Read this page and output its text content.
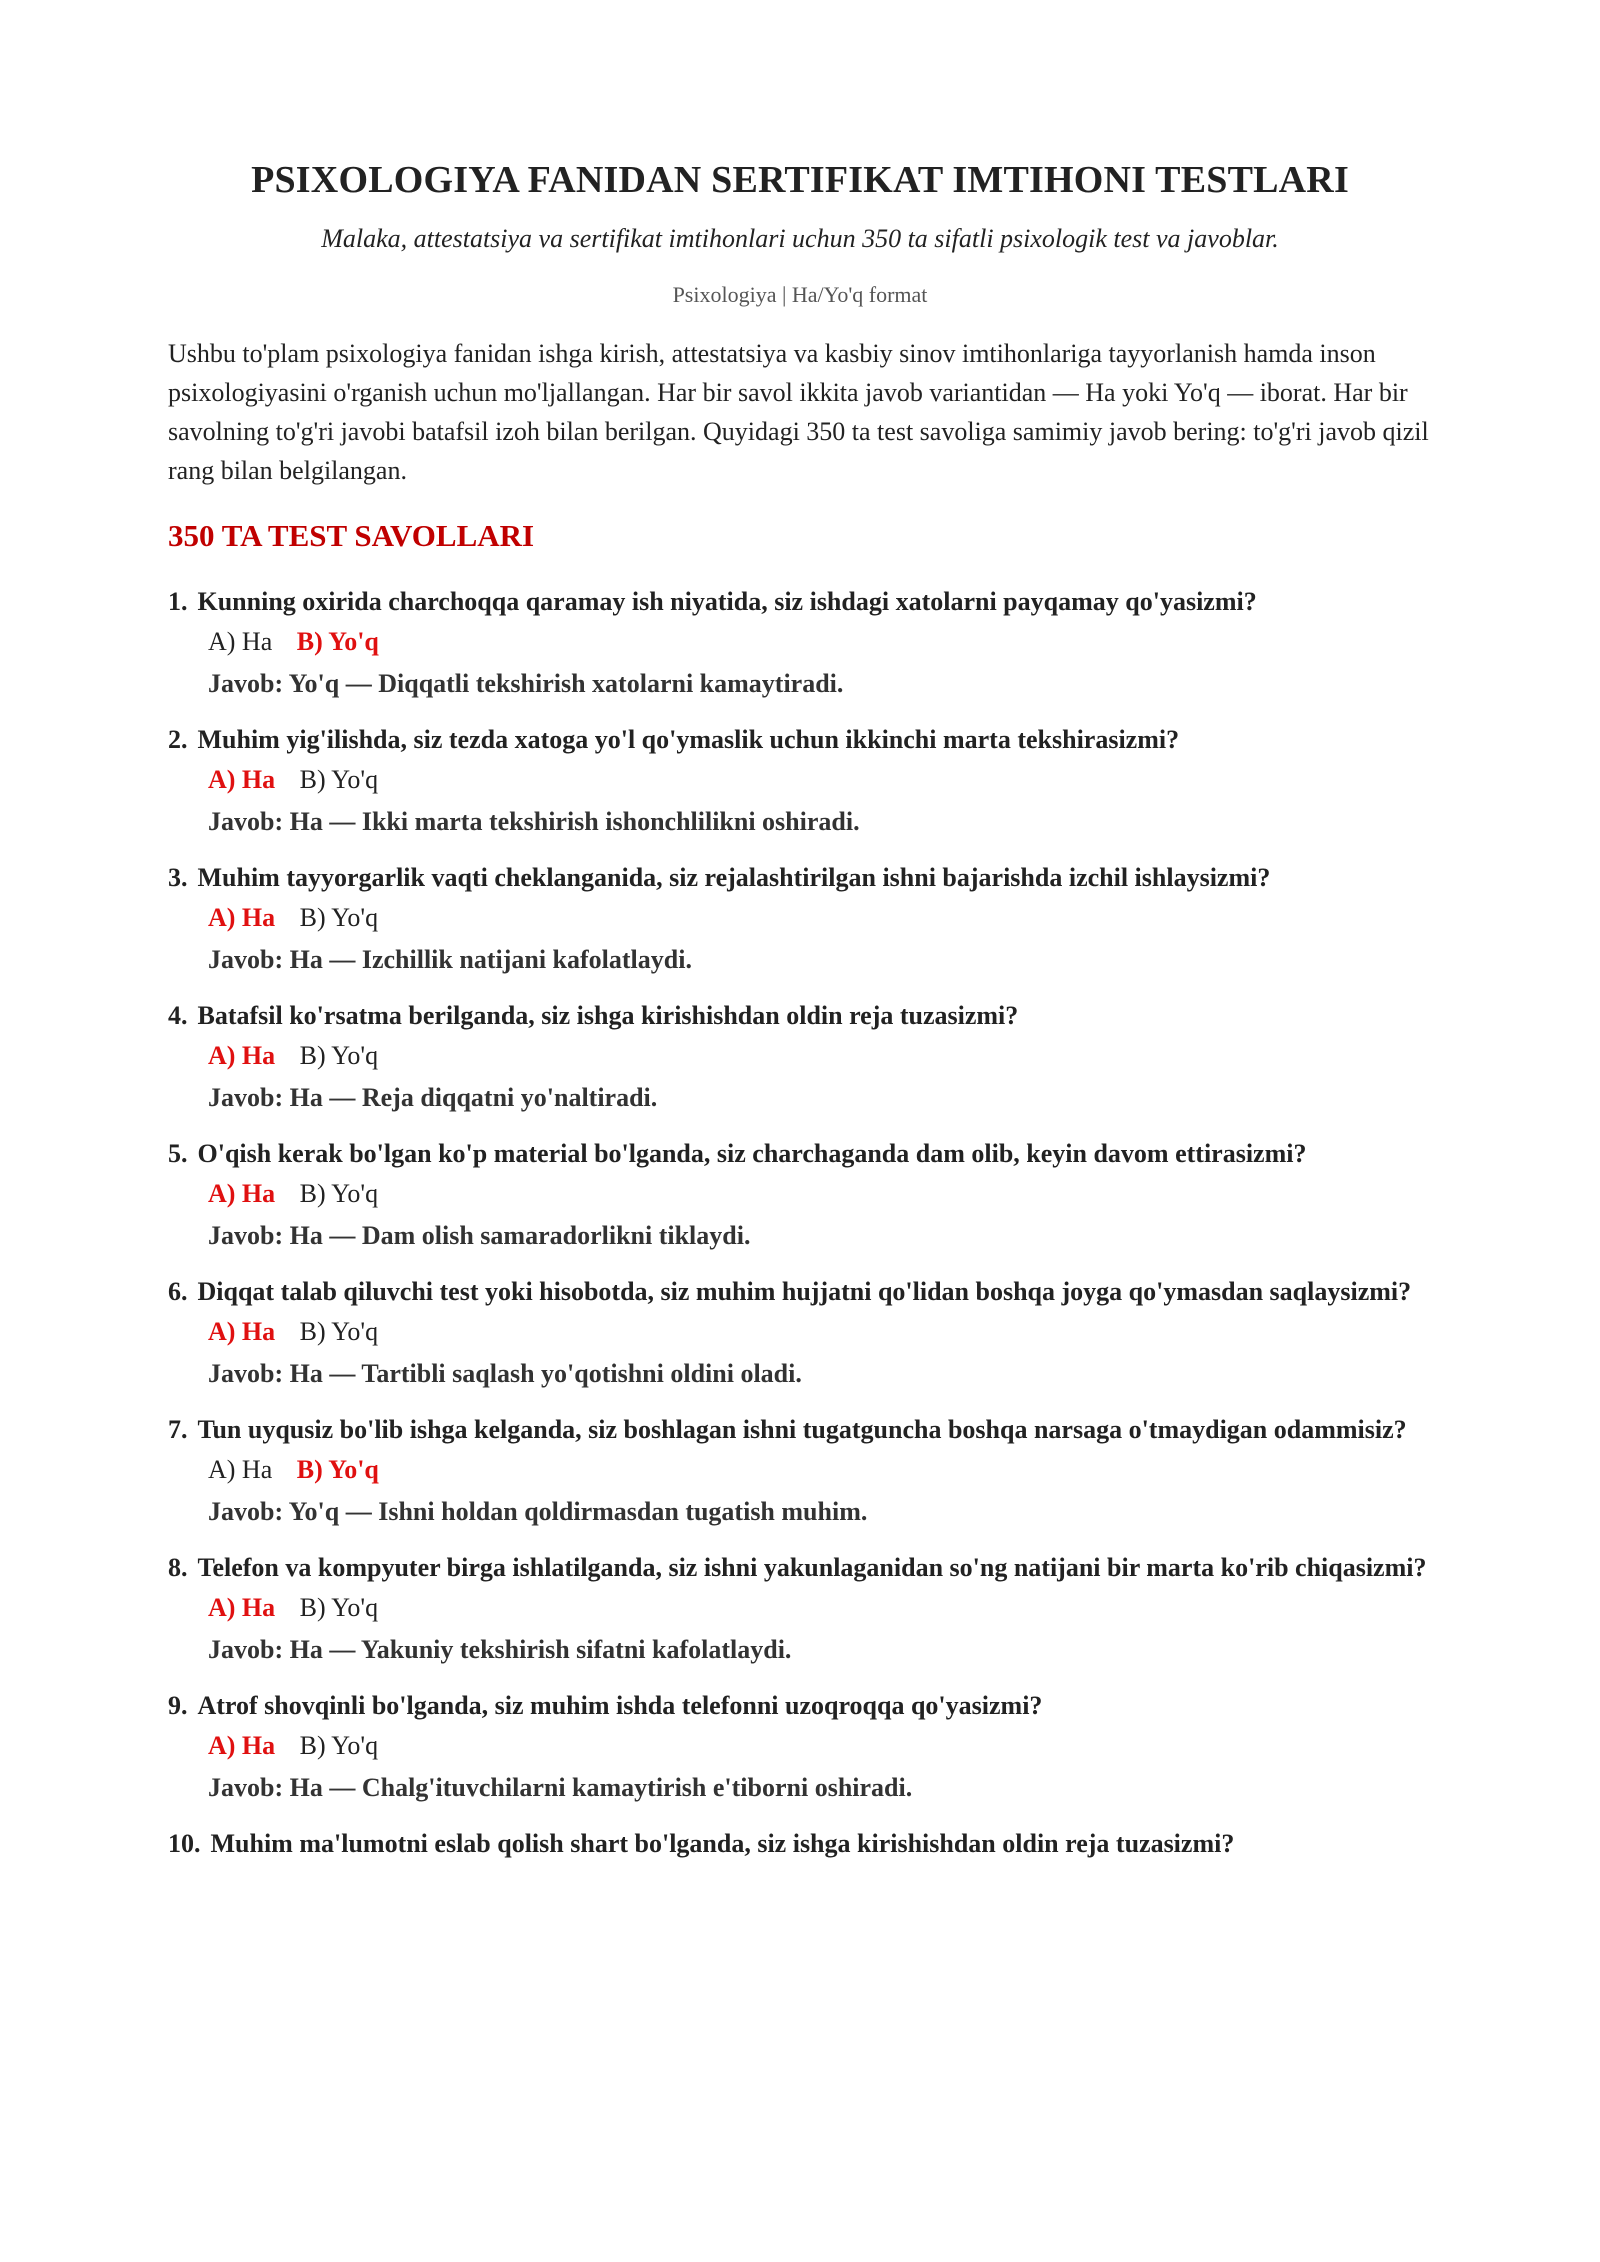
PSIXOLOGIYA FANIDAN SERTIFIKAT IMTIHONI TESTLARI

Malaka, attestatsiya va sertifikat imtihonlari uchun 350 ta sifatli psixologik test va javoblar.

Psixologiya | Ha/Yo'q format

Ushbu to'plam psixologiya fanidan ishga kirish, attestatsiya va kasbiy sinov imtihonlariga tayyorlanish hamda inson psixologiyasini o'rganish uchun mo'ljallangan. Har bir savol ikkita javob variantidan — Ha yoki Yo'q — iborat. Har bir savolning to'g'ri javobi batafsil izoh bilan berilgan. Quyidagi 350 ta test savoliga samimiy javob bering: to'g'ri javob qizil rang bilan belgilangan.

350 TA TEST SAVOLLARI
1. Kunning oxirida charchoqqa qaramay ish niyatida, siz ishdagi xatolarni payqamay qo'yasizmi?
A) Ha B) Yo'q
Javob: Yo'q — Diqqatli tekshirish xatolarni kamaytiradi.
2. Muhim yig'ilishda, siz tezda xatoga yo'l qo'ymaslik uchun ikkinchi marta tekshirasizmi?
A) Ha B) Yo'q
Javob: Ha — Ikki marta tekshirish ishonchlilikni oshiradi.
3. Muhim tayyorgarlik vaqti cheklanganida, siz rejalashtirilgan ishni bajarishda izchil ishlaysizmi?
A) Ha B) Yo'q
Javob: Ha — Izchillik natijani kafolatlaydi.
4. Batafsil ko'rsatma berilganda, siz ishga kirishishdan oldin reja tuzasizmi?
A) Ha B) Yo'q
Javob: Ha — Reja diqqatni yo'naltiradi.
5. O'qish kerak bo'lgan ko'p material bo'lganda, siz charchaganda dam olib, keyin davom ettirasizmi?
A) Ha B) Yo'q
Javob: Ha — Dam olish samaradorlikni tiklaydi.
6. Diqqat talab qiluvchi test yoki hisobotda, siz muhim hujjatni qo'lidan boshqa joyga qo'ymasdan saqlaysizmi?
A) Ha B) Yo'q
Javob: Ha — Tartibli saqlash yo'qotishni oldini oladi.
7. Tun uyqusiz bo'lib ishga kelganda, siz boshlagan ishni tugatguncha boshqa narsaga o'tmaydigan odammisiz?
A) Ha B) Yo'q
Javob: Yo'q — Ishni holdan qoldirmasdan tugatish muhim.
8. Telefon va kompyuter birga ishlatilganda, siz ishni yakunlaganidan so'ng natijani bir marta ko'rib chiqasizmi?
A) Ha B) Yo'q
Javob: Ha — Yakuniy tekshirish sifatni kafolatlaydi.
9. Atrof shovqinli bo'lganda, siz muhim ishda telefonni uzoqroqqa qo'yasizmi?
A) Ha B) Yo'q
Javob: Ha — Chalg'ituvchilarni kamaytirish e'tiborni oshiradi.
10. Muhim ma'lumotni eslab qolish shart bo'lganda, siz ishga kirishishdan oldin reja tuzasizmi?
